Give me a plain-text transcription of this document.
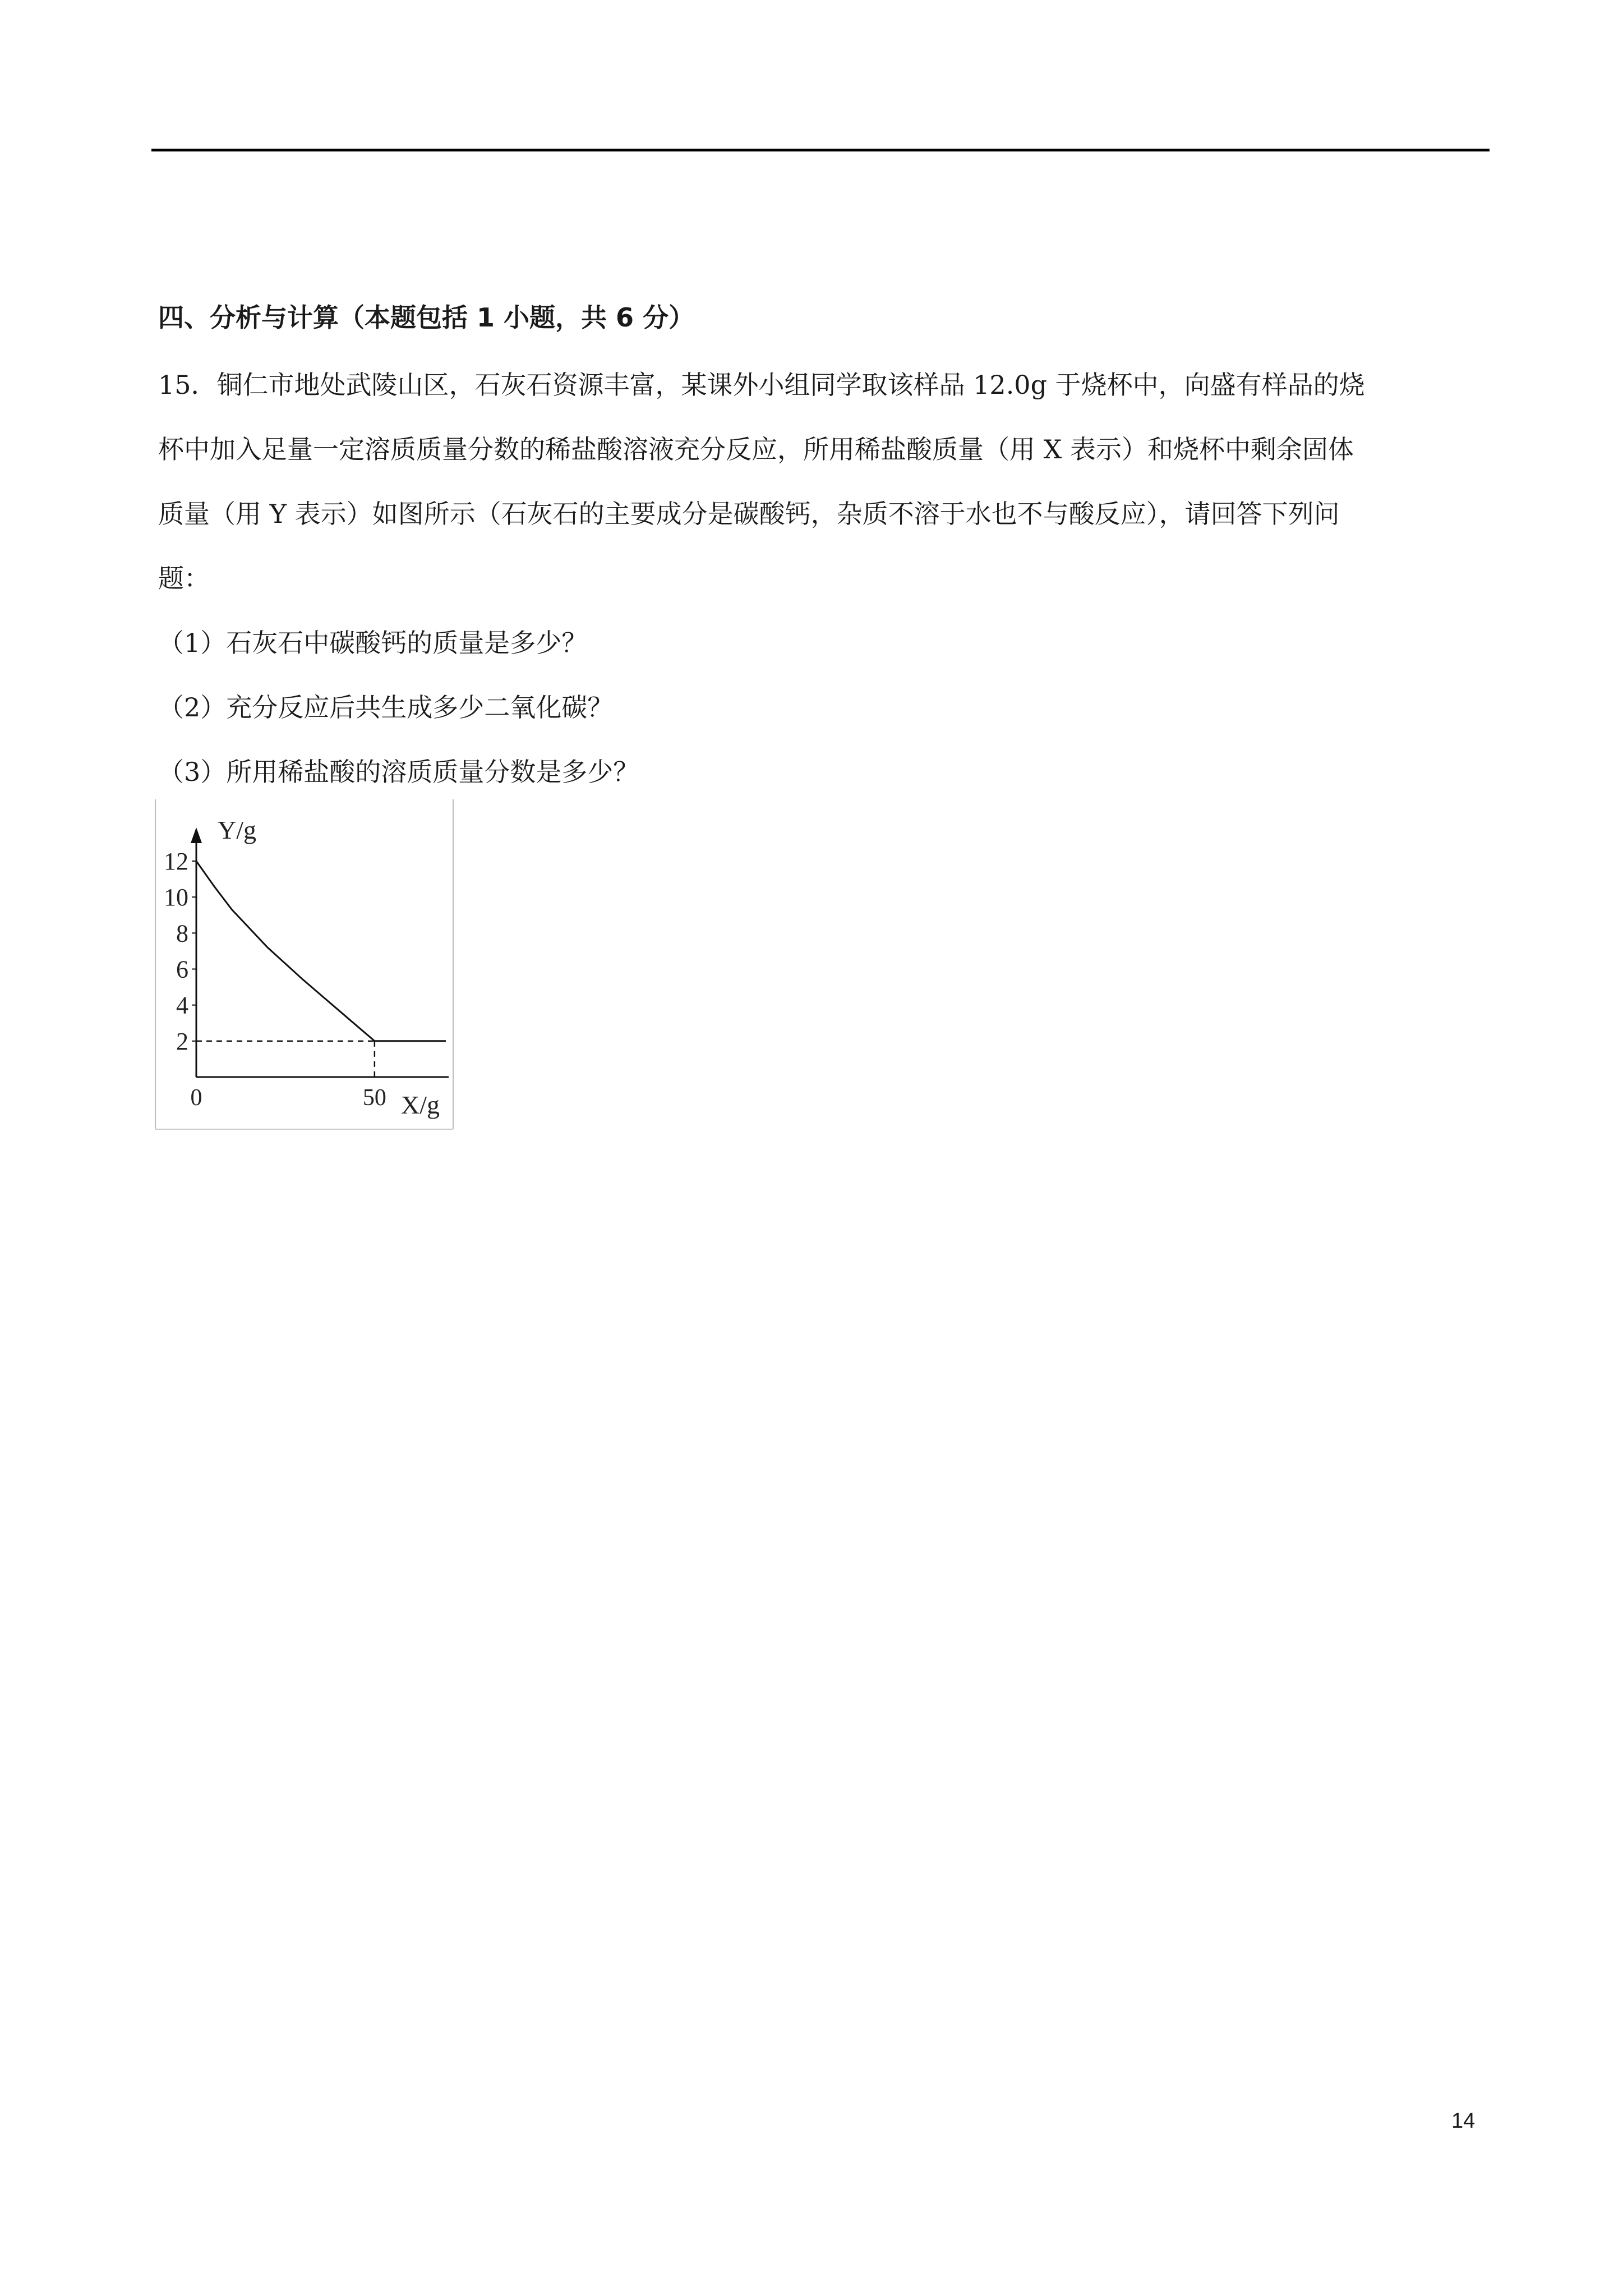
四、分析与计算（本题包括 1 小题，共 6 分）
15．铜仁市地处武陵山区，石灰石资源丰富，某课外小组同学取该样品 12.0g 于烧杯中，向盛有样品的烧
杯中加入足量一定溶质质量分数的稀盐酸溶液充分反应，所用稀盐酸质量（用 X 表示）和烧杯中剩余固体
质量（用 Y 表示）如图所示（石灰石的主要成分是碳酸钙，杂质不溶于水也不与酸反应），请回答下列问
题：
（1）石灰石中碳酸钙的质量是多少？
（2）充分反应后共生成多少二氧化碳？
（3）所用稀盐酸的溶质质量分数是多少？
2
4
6
8
10
12
0	50
Y/g
X/g
14
